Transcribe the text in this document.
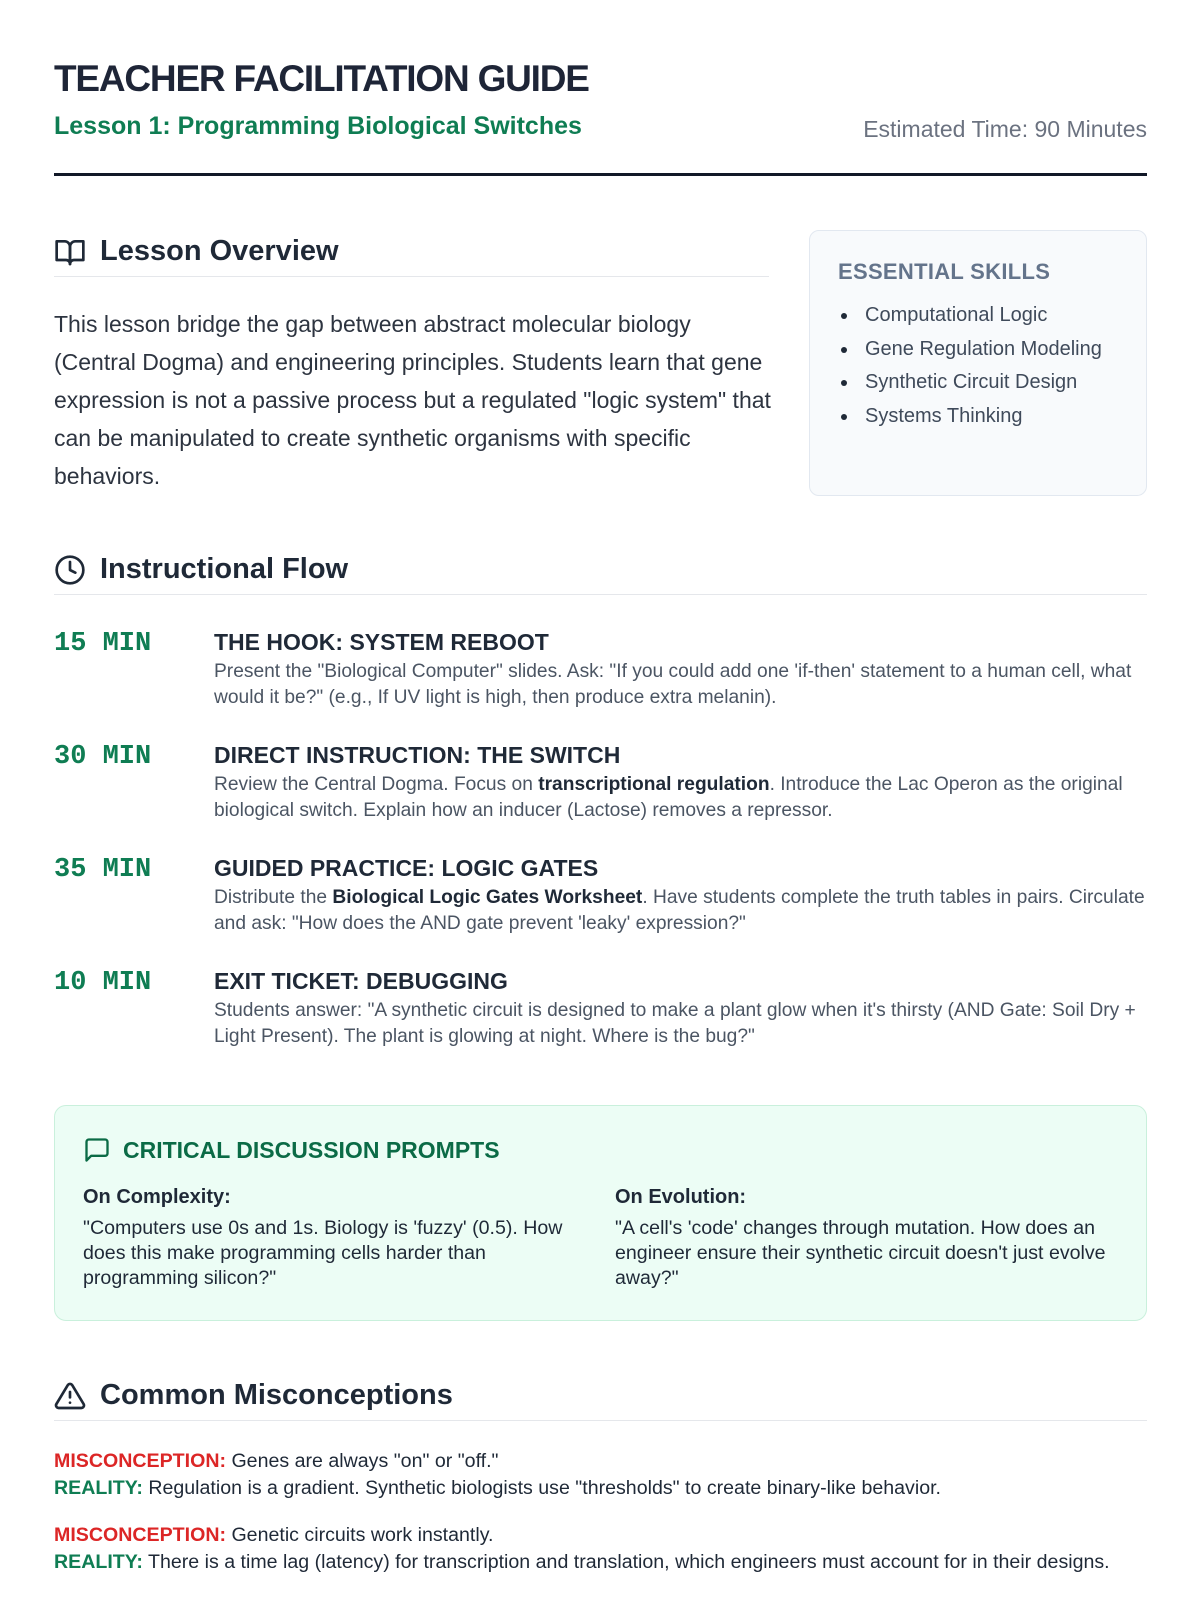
TEACHER FACILITATION GUIDE
Lesson 1: Programming Biological Switches	Estimated Time: 90 Minutes
Lesson Overview
This lesson bridge the gap between abstract molecular biology (Central Dogma) and engineering principles. Students learn that gene expression is not a passive process but a regulated "logic system" that can be manipulated to create synthetic organisms with specific behaviors.
ESSENTIAL SKILLS
Computational Logic
Gene Regulation Modeling
Synthetic Circuit Design
Systems Thinking
Instructional Flow
15 MIN	THE HOOK: SYSTEM REBOOT
Present the "Biological Computer" slides. Ask: "If you could add one 'if-then' statement to a human cell, what would it be?" (e.g., If UV light is high, then produce extra melanin).
30 MIN	DIRECT INSTRUCTION: THE SWITCH
Review the Central Dogma. Focus on transcriptional regulation. Introduce the Lac Operon as the original biological switch. Explain how an inducer (Lactose) removes a repressor.
35 MIN	GUIDED PRACTICE: LOGIC GATES
Distribute the Biological Logic Gates Worksheet. Have students complete the truth tables in pairs. Circulate and ask: "How does the AND gate prevent 'leaky' expression?"
10 MIN	EXIT TICKET: DEBUGGING
Students answer: "A synthetic circuit is designed to make a plant glow when it's thirsty (AND Gate: Soil Dry + Light Present). The plant is glowing at night. Where is the bug?"
CRITICAL DISCUSSION PROMPTS
On Complexity:
"Computers use 0s and 1s. Biology is 'fuzzy' (0.5). How does this make programming cells harder than programming silicon?"
On Evolution:
"A cell's 'code' changes through mutation. How does an engineer ensure their synthetic circuit doesn't just evolve away?"
Common Misconceptions
MISCONCEPTION: Genes are always "on" or "off."
REALITY: Regulation is a gradient. Synthetic biologists use "thresholds" to create binary-like behavior.
MISCONCEPTION: Genetic circuits work instantly.
REALITY: There is a time lag (latency) for transcription and translation, which engineers must account for in their designs.
